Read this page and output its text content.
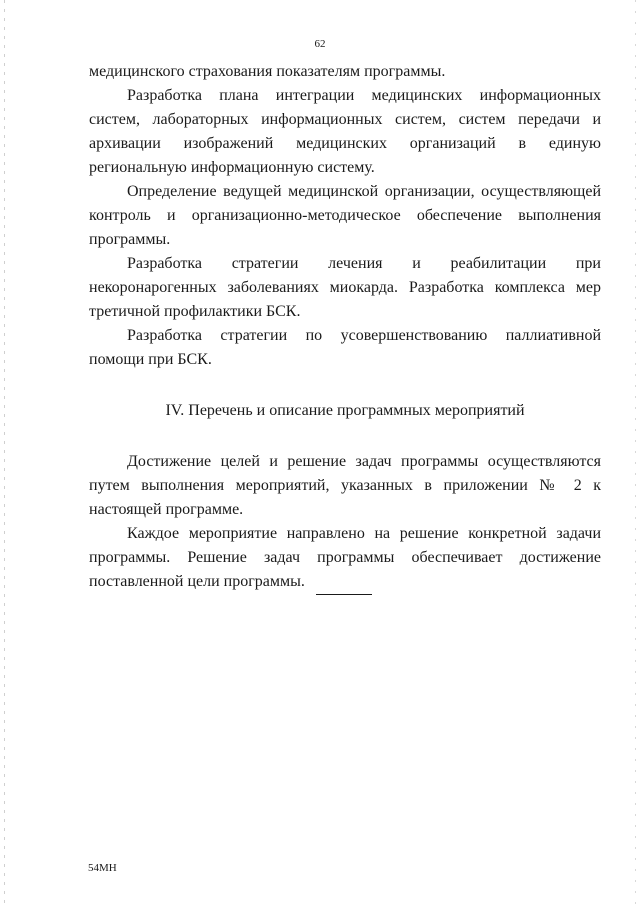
62

медицинского страхования показателям программы.

Разработка плана интеграции медицинских информационных систем, лабораторных информационных систем, систем передачи и архивации изображений медицинских организаций в единую региональную информационную систему.

Определение ведущей медицинской организации, осуществляющей контроль и организационно-методическое обеспечение выполнения программы.

Разработка стратегии лечения и реабилитации при некоронарогенных заболеваниях миокарда. Разработка комплекса мер третичной профилактики БСК.

Разработка стратегии по усовершенствованию паллиативной помощи при БСК.

IV. Перечень и описание программных мероприятий

Достижение целей и решение задач программы осуществляются путем выполнения мероприятий, указанных в приложении № 2 к настоящей программе.

Каждое мероприятие направлено на решение конкретной задачи программы. Решение задач программы обеспечивает достижение поставленной цели программы.

54МН
